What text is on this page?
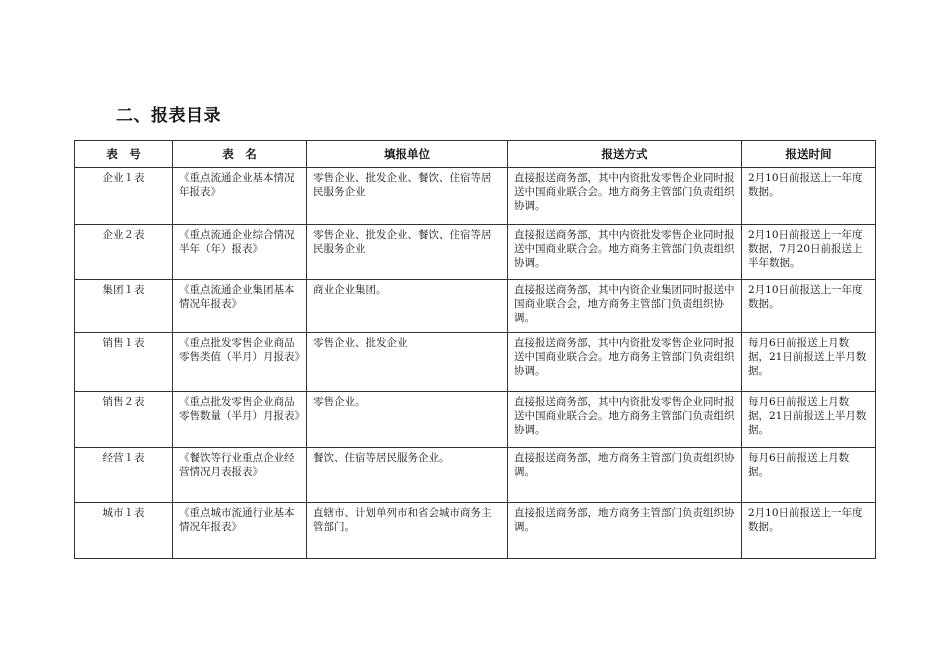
二、报表目录
表　号	表　名	填报单位	报送方式	报送时间
企业１表	《重点流通企业基本情况年报表》	零售企业、批发企业、餐饮、住宿等居民服务企业	直接报送商务部，其中内资批发零售企业同时报送中国商业联合会。地方商务主管部门负责组织协调。	2月10日前报送上一年度数据。
企业２表	《重点流通企业综合情况半年（年）报表》	零售企业、批发企业、餐饮、住宿等居民服务企业	直接报送商务部，其中内资批发零售企业同时报送中国商业联合会。地方商务主管部门负责组织协调。	2月10日前报送上一年度数据，7月20日前报送上半年数据。
集团１表	《重点流通企业集团基本情况年报表》	商业企业集团。	直接报送商务部，其中内资企业集团同时报送中国商业联合会，地方商务主管部门负责组织协调。	2月10日前报送上一年度数据。
销售１表	《重点批发零售企业商品零售类值（半月）月报表》	零售企业、批发企业	直接报送商务部，其中内资批发零售企业同时报送中国商业联合会。地方商务主管部门负责组织协调。	每月6日前报送上月数据，21日前报送上半月数据。
销售２表	《重点批发零售企业商品零售数量（半月）月报表》	零售企业。	直接报送商务部，其中内资批发零售企业同时报送中国商业联合会。地方商务主管部门负责组织协调。	每月6日前报送上月数据，21日前报送上半月数据。
经营１表	《餐饮等行业重点企业经营情况月表报表》	餐饮、住宿等居民服务企业。	直接报送商务部，地方商务主管部门负责组织协调。	每月6日前报送上月数据。
城市１表	《重点城市流通行业基本情况年报表》	直辖市、计划单列市和省会城市商务主管部门。	直接报送商务部，地方商务主管部门负责组织协调。	2月10日前报送上一年度数据。
